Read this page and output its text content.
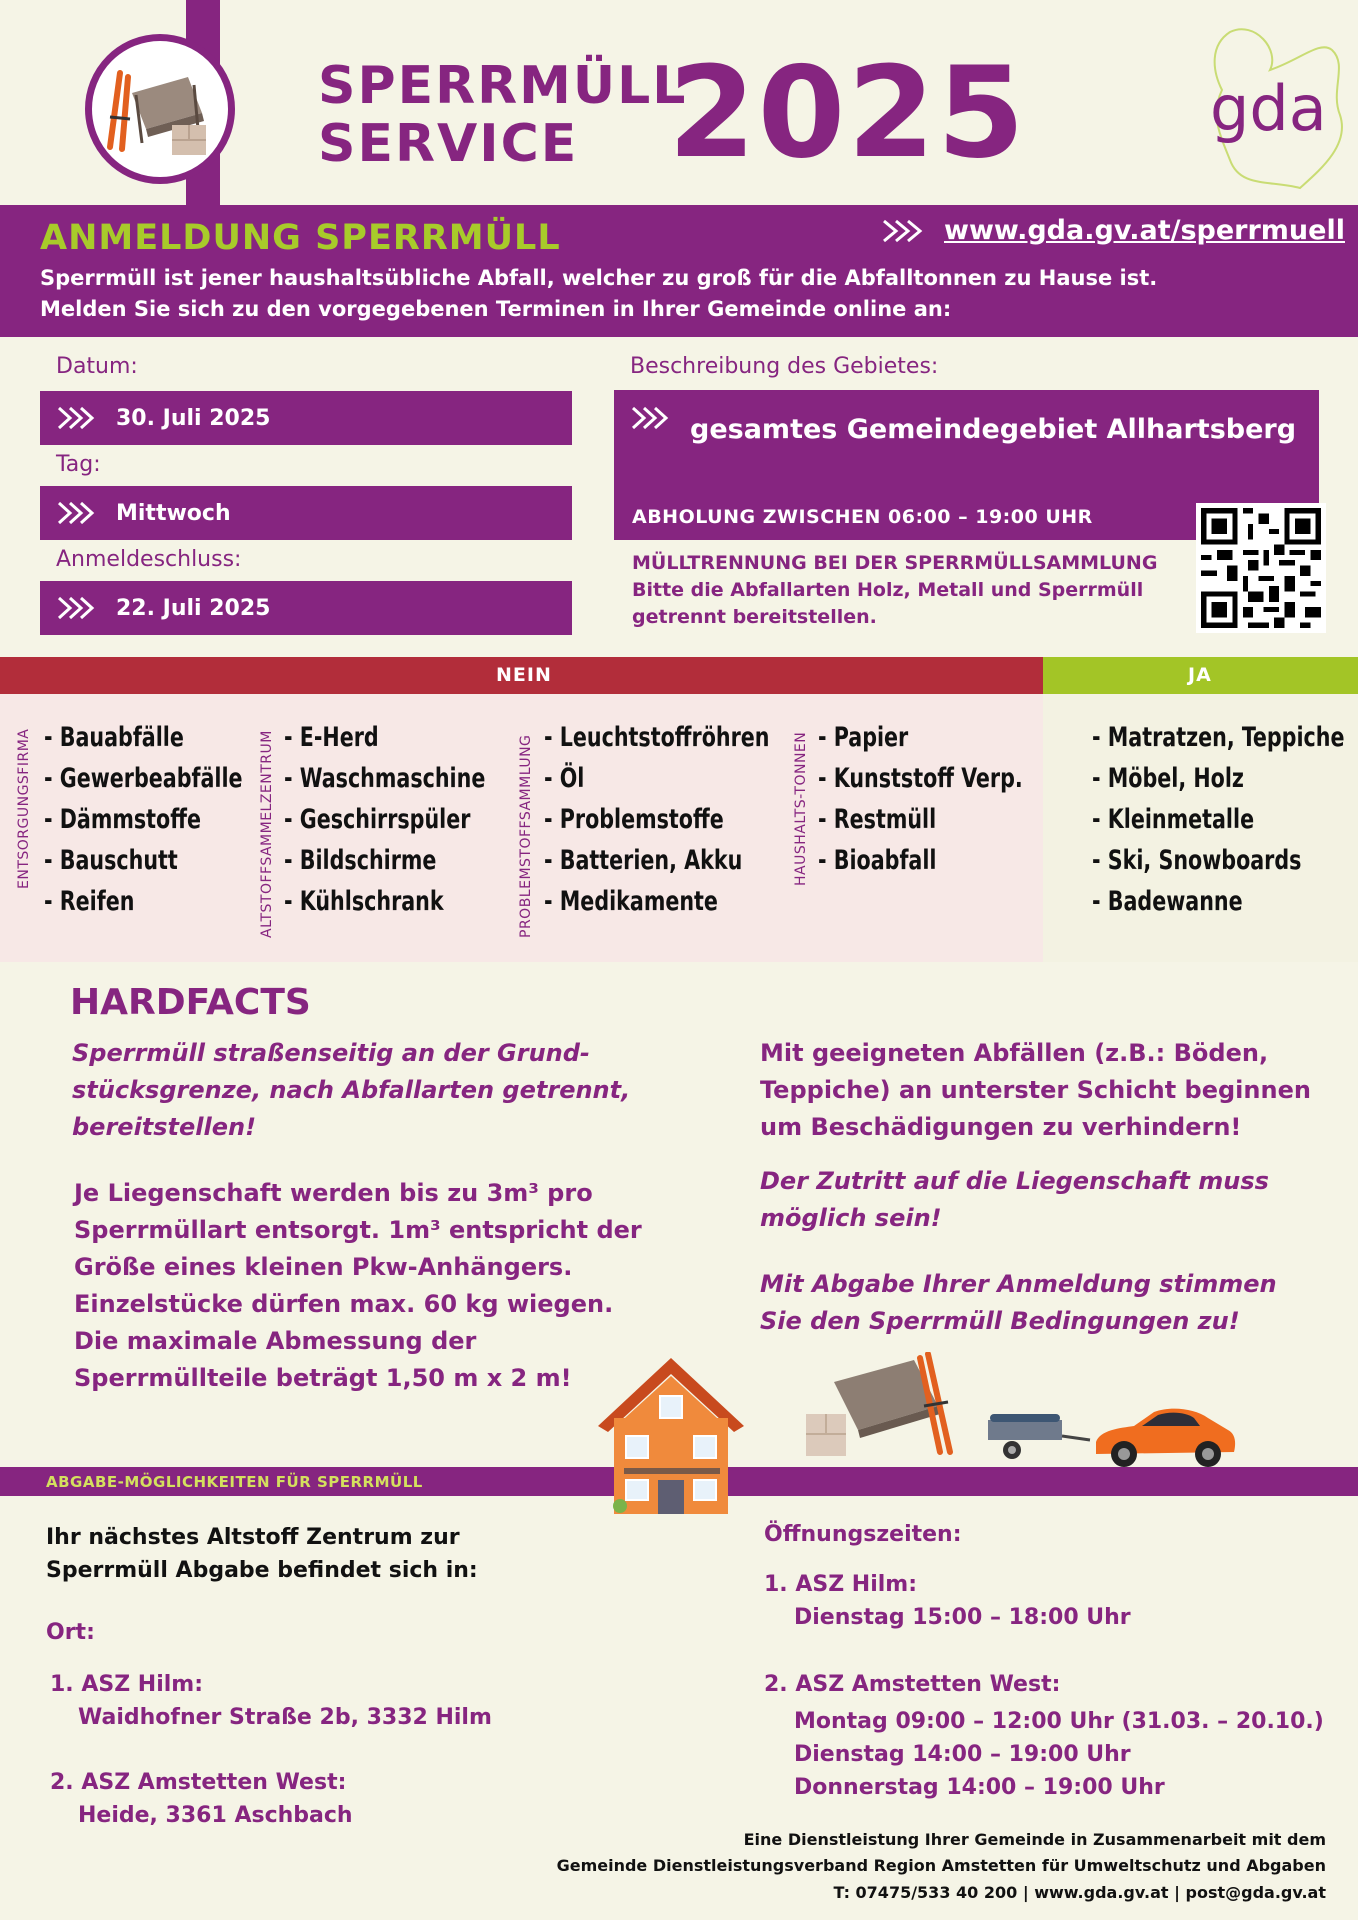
SPERRMÜLL
SERVICE 2025	gda
ANMELDUNG SPERRMÜLL	www.gda.gv.at/sperrmuell
Sperrmüll ist jener haushaltsübliche Abfall, welcher zu groß für die Abfalltonnen zu Hause ist.
Melden Sie sich zu den vorgegebenen Terminen in Ihrer Gemeinde online an:
Datum:
30. Juli 2025
Tag:
Mittwoch
Anmeldeschluss:
22. Juli 2025
Beschreibung des Gebietes:
gesamtes Gemeindegebiet Allhartsberg
ABHOLUNG ZWISCHEN 06:00 – 19:00 UHR
MÜLLTRENNUNG BEI DER SPERRMÜLLSAMMLUNG
Bitte die Abfallarten Holz, Metall und Sperrmüll
getrennt bereitstellen.
NEIN	JA
ENTSORGUNGSFIRMA - Bauabfälle
- Gewerbeabfälle
- Dämmstoffe
- Bauschutt
- Reifen	ALTSTOFFSAMMELZENTRUM - E-Herd
- Waschmaschine
- Geschirrspüler
- Bildschirme
- Kühlschrank	PROBLEMSTOFFSAMMLUNG - Leuchtstoffröhren
- Öl
- Problemstoffe
- Batterien, Akku
- Medikamente
HAUSHALTS-TONNEN - Papier
- Kunststoff Verp.
- Restmüll
- Bioabfall
- Matratzen, Teppiche
- Möbel, Holz
- Kleinmetalle
- Ski, Snowboards
- Badewanne
HARDFACTS
Sperrmüll straßenseitig an der Grund-
stücksgrenze, nach Abfallarten getrennt,
bereitstellen!
Je Liegenschaft werden bis zu 3m³ pro
Sperrmüllart entsorgt. 1m³ entspricht der
Größe eines kleinen Pkw-Anhängers.
Einzelstücke dürfen max. 60 kg wiegen.
Die maximale Abmessung der
Sperrmüllteile beträgt 1,50 m x 2 m!
Mit geeigneten Abfällen (z.B.: Böden,
Teppiche) an unterster Schicht beginnen
um Beschädigungen zu verhindern!
Der Zutritt auf die Liegenschaft muss
möglich sein!
Mit Abgabe Ihrer Anmeldung stimmen
Sie den Sperrmüll Bedingungen zu!
ABGABE-MÖGLICHKEITEN FÜR SPERRMÜLL
Ihr nächstes Altstoff Zentrum zur
Sperrmüll Abgabe befindet sich in:
Ort:
1. ASZ Hilm:
Waidhofner Straße 2b, 3332 Hilm
2. ASZ Amstetten West:
Heide, 3361 Aschbach
Öffnungszeiten:
1. ASZ Hilm:
Dienstag 15:00 – 18:00 Uhr
2. ASZ Amstetten West:
Montag 09:00 – 12:00 Uhr (31.03. – 20.10.)
Dienstag 14:00 – 19:00 Uhr
Donnerstag 14:00 – 19:00 Uhr
Eine Dienstleistung Ihrer Gemeinde in Zusammenarbeit mit dem
Gemeinde Dienstleistungsverband Region Amstetten für Umweltschutz und Abgaben
T: 07475/533 40 200 | www.gda.gv.at | post@gda.gv.at
